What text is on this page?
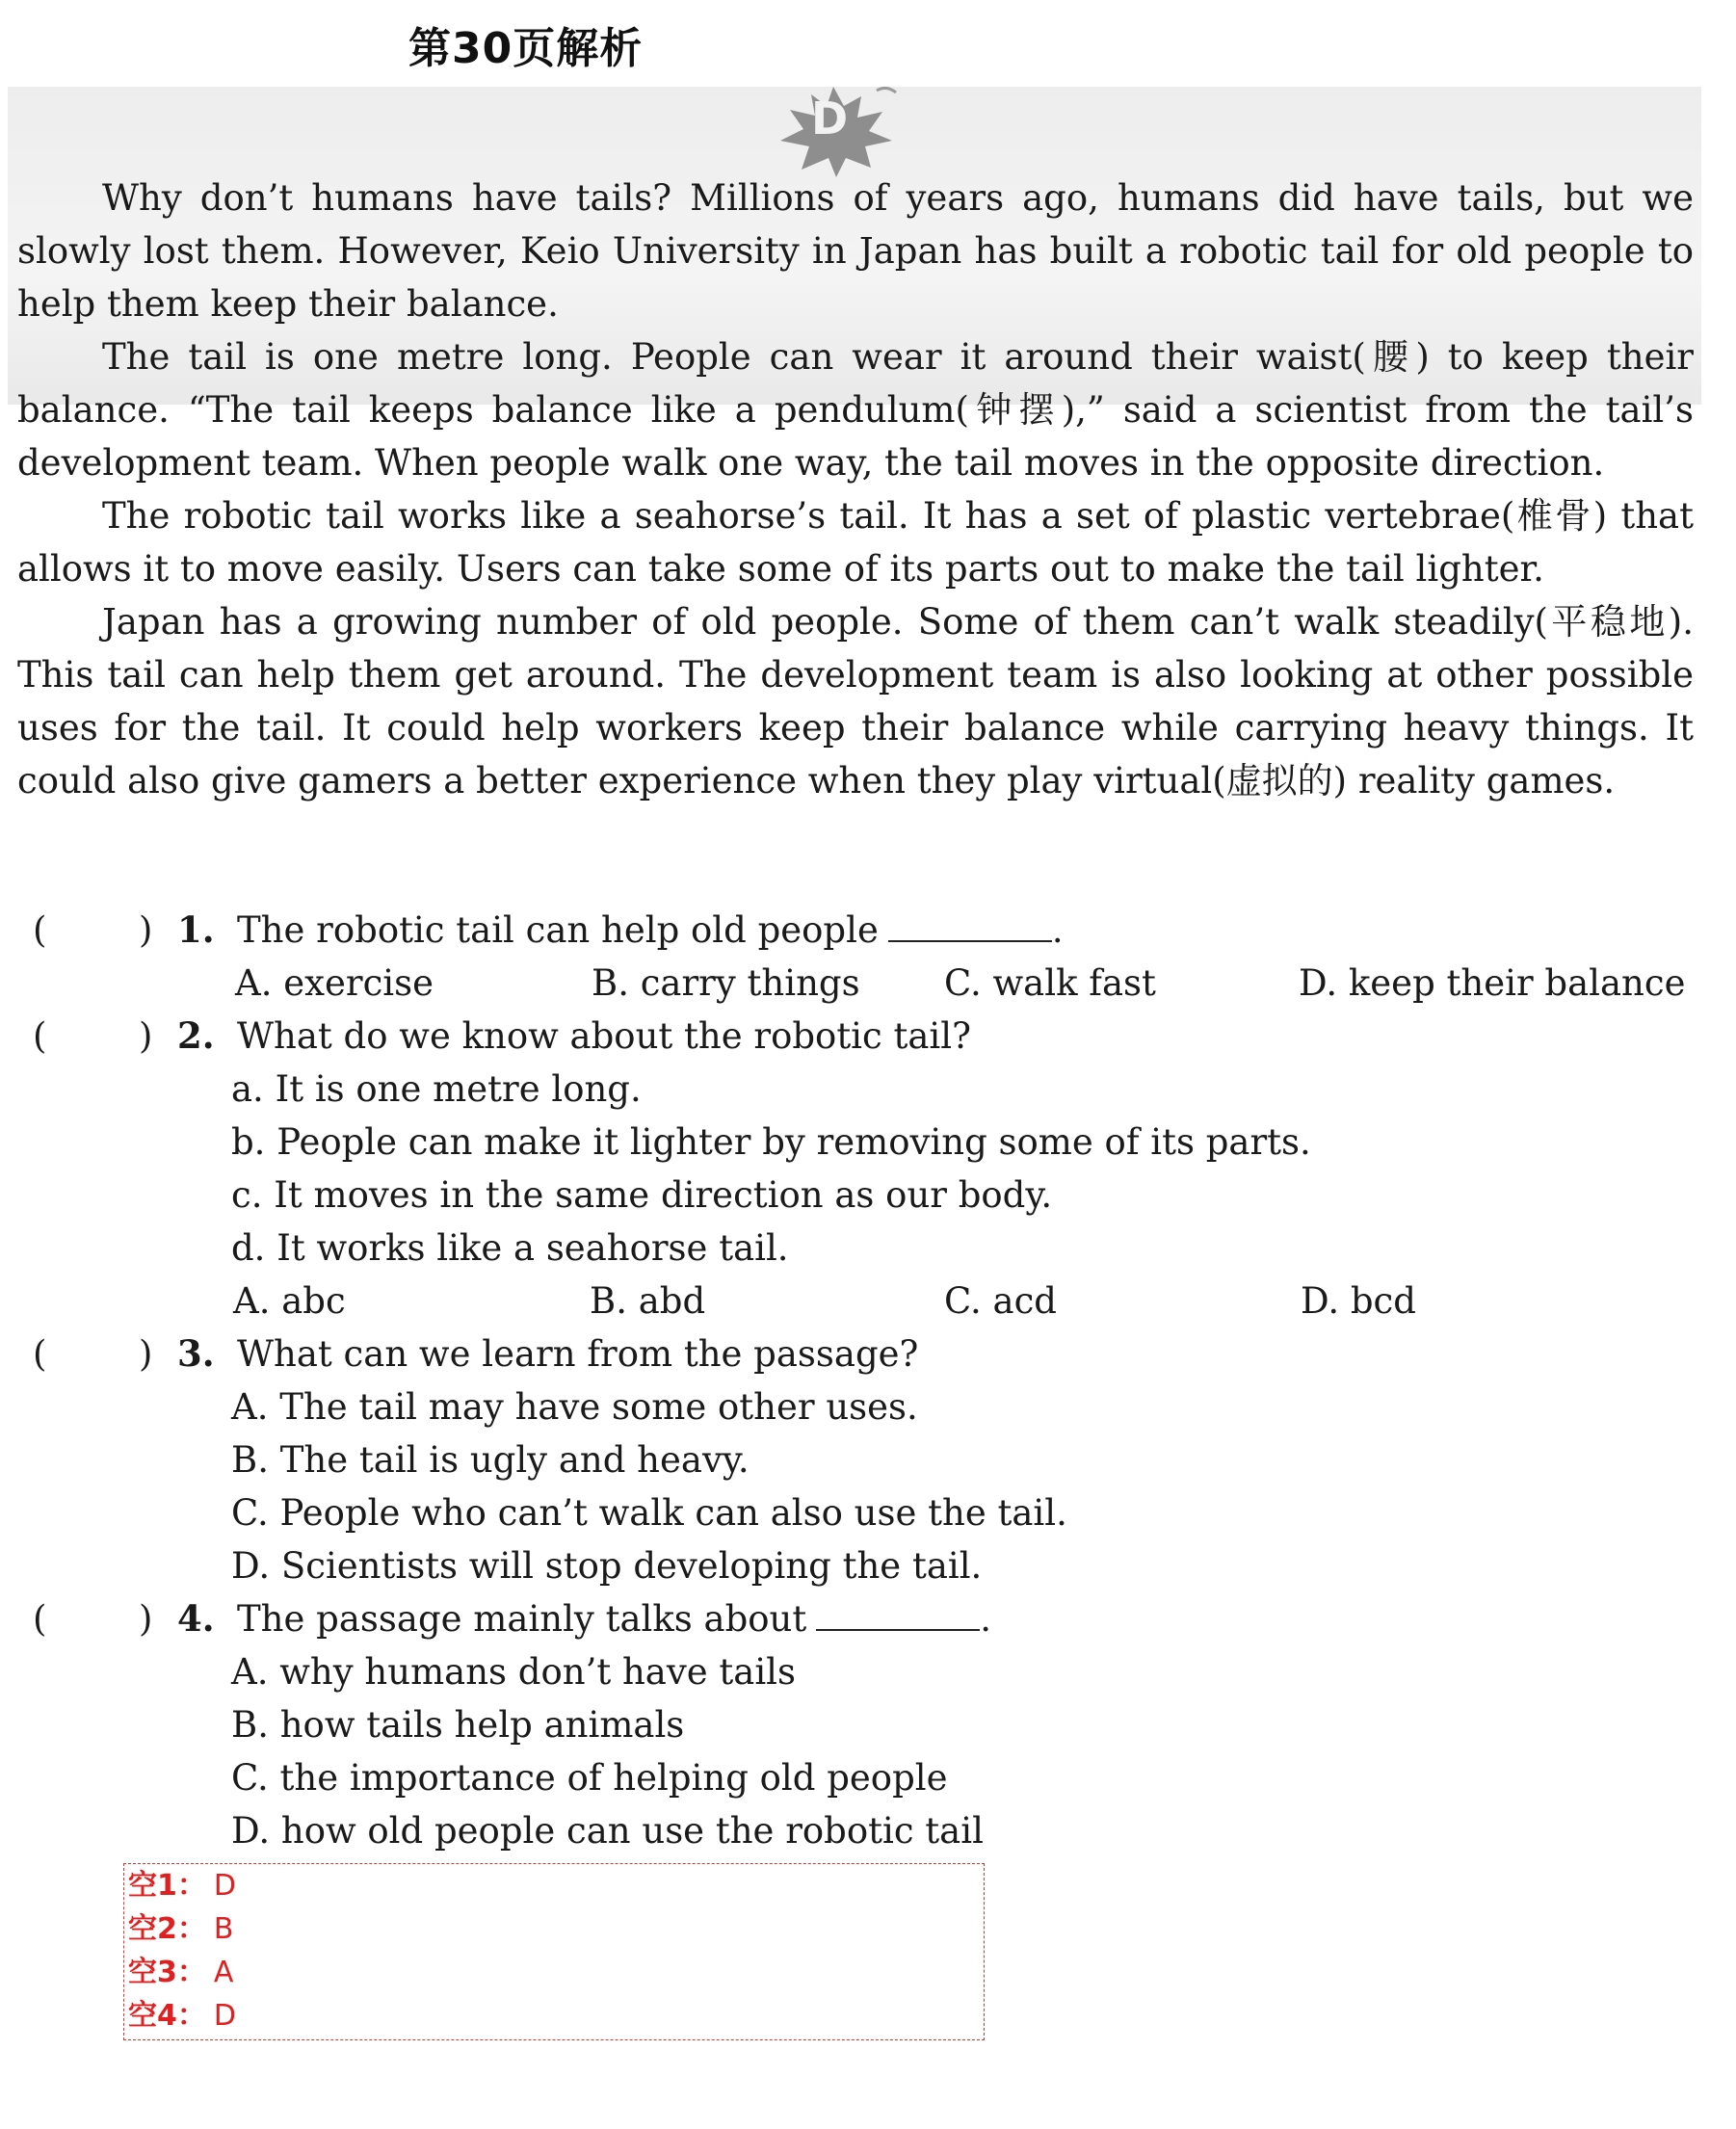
第30页解析
D

Why don’t humans have tails? Millions of years ago, humans did have tails, but we slowly lost them. However, Keio University in Japan has built a robotic tail for old people to help them keep their balance.

The tail is one metre long. People can wear it around their waist(腰) to keep their balance. “The tail keeps balance like a pendulum(钟摆),” said a scientist from the tail’s development team. When people walk one way, the tail moves in the opposite direction.

The robotic tail works like a seahorse’s tail. It has a set of plastic vertebrae(椎骨) that allows it to move easily. Users can take some of its parts out to make the tail lighter.

Japan has a growing number of old people. Some of them can’t walk steadily(平稳地). This tail can help them get around. The development team is also looking at other possible uses for the tail. It could help workers keep their balance while carrying heavy things. It could also give gamers a better experience when they play virtual(虚拟的) reality games.

(	) 1. The robotic tail can help old people	.
A. exercise	B. carry things C. walk fast	D. keep their balance
(	) 2. What do we know about the robotic tail?
a. It is one metre long.
b. People can make it lighter by removing some of its parts.
c. It moves in the same direction as our body.
d. It works like a seahorse tail.
A. abc	B. abd	C. acd	D. bcd
(	) 3. What can we learn from the passage?
A. The tail may have some other uses.
B. The tail is ugly and heavy.
C. People who can’t walk can also use the tail.
D. Scientists will stop developing the tail.
(	) 4. The passage mainly talks about	.
A. why humans don’t have tails
B. how tails help animals
C. the importance of helping old people
D. how old people can use the robotic tail
空1： D
空2： B
空3： A
空4： D
